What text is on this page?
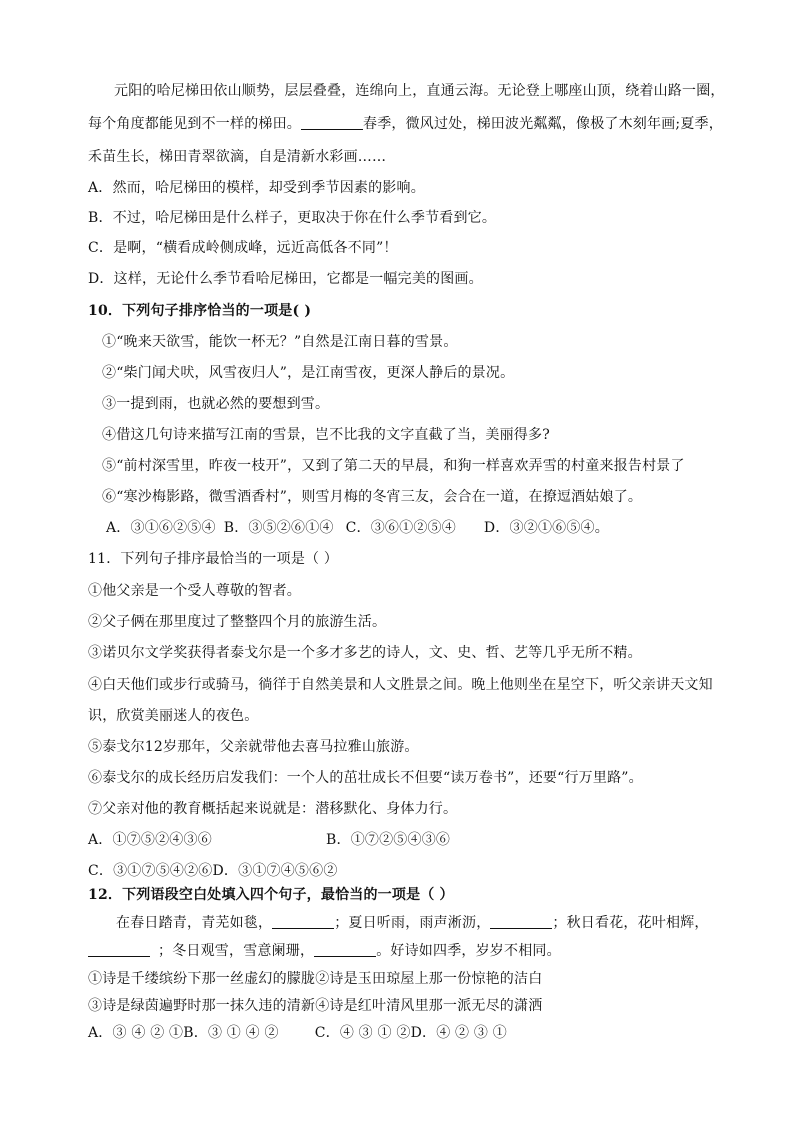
元阳的哈尼梯田依山顺势，层层叠叠，连绵向上，直通云海。无论登上哪座山顶，绕着山路一圈，
每个角度都能见到不一样的梯田。	春季，微风过处，梯田波光粼粼，像极了木刻年画;夏季，
禾苗生长，梯田青翠欲滴，自是清新水彩画……
A．然而，哈尼梯田的模样，却受到季节因素的影响。
B．不过，哈尼梯田是什么样子，更取决于你在什么季节看到它。
C．是啊，“横看成岭侧成峰，远近高低各不同”！
D．这样，无论什么季节看哈尼梯田，它都是一幅完美的图画。
10．下列句子排序恰当的一项是( )
①“晚来天欲雪，能饮一杯无？”自然是江南日暮的雪景。
②“柴门闻犬吠，风雪夜归人”，是江南雪夜，更深人静后的景况。
③一提到雨，也就必然的要想到雪。
④借这几句诗来描写江南的雪景，岂不比我的文字直截了当，美丽得多?
⑤“前村深雪里，昨夜一枝开”，又到了第二天的早晨，和狗一样喜欢弄雪的村童来报告村景了
⑥“寒沙梅影路，微雪酒香村”，则雪月梅的冬宵三友，会合在一道，在撩逗酒姑娘了。
A．③①⑥②⑤④ B．③⑤②⑥①④ C．③⑥①②⑤④ D．③②①⑥⑤④。
11．下列句子排序最恰当的一项是（ ）
①他父亲是一个受人尊敬的智者。
②父子俩在那里度过了整整四个月的旅游生活。
③诺贝尔文学奖获得者泰戈尔是一个多才多艺的诗人，文、史、哲、艺等几乎无所不精。
④白天他们或步行或骑马，徜徉于自然美景和人文胜景之间。晚上他则坐在星空下，听父亲讲天文知
识，欣赏美丽迷人的夜色。
⑤泰戈尔12岁那年，父亲就带他去喜马拉雅山旅游。
⑥泰戈尔的成长经历启发我们：一个人的茁壮成长不但要“读万卷书”，还要“行万里路”。
⑦父亲对他的教育概括起来说就是：潜移默化、身体力行。
A．①⑦⑤②④③⑥	B．①⑦②⑤④③⑥
C．③①⑦⑤④②⑥D．③①⑦④⑤⑥②
12．下列语段空白处填入四个句子，最恰当的一项是（ ）
在春日踏青，青芜如毯，	；夏日听雨，雨声淅沥，	；秋日看花，花叶相辉，
；冬日观雪，雪意阑珊，	。好诗如四季，岁岁不相同。
①诗是千缕缤纷下那一丝虚幻的朦胧②诗是玉田琼屋上那一份惊艳的洁白
③诗是绿茵遍野时那一抹久违的清新④诗是红叶清风里那一派无尽的潇洒
A．③ ④ ② ①B．③ ① ④ ②	C．④ ③ ① ②D．④ ② ③ ①
